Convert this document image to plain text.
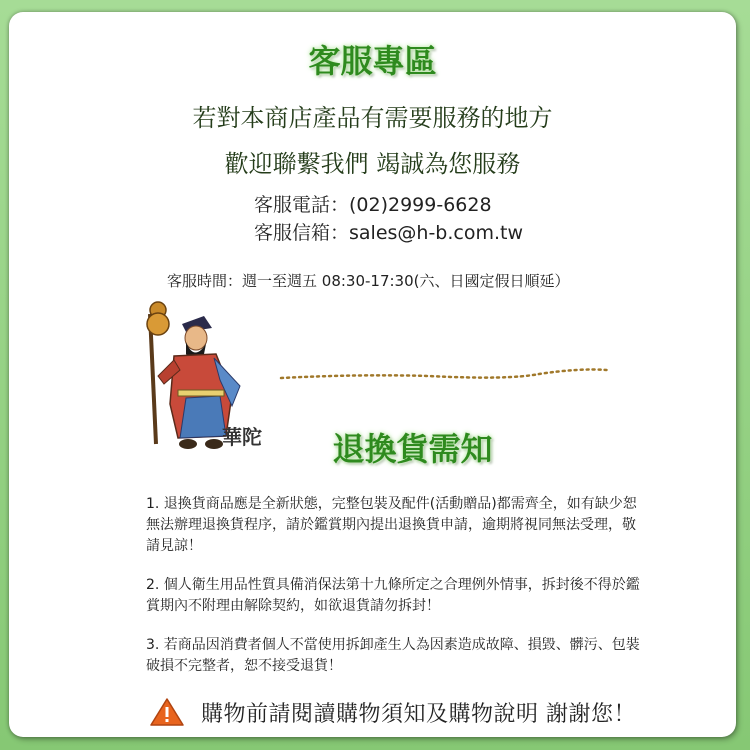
客服專區
若對本商店產品有需要服務的地方
歡迎聯繫我們 竭誠為您服務
客服電話：(02)2999-6628
客服信箱：sales@h-b.com.tw
客服時間：週一至週五 08:30-17:30(六、日國定假日順延）
華陀	退換貨需知
1. 退換貨商品應是全新狀態，完整包裝及配件(活動贈品)都需齊全，如有缺少恕無法辦理退換貨程序，請於鑑賞期內提出退換貨申請，逾期將視同無法受理，敬請見諒！
2. 個人衛生用品性質具備消保法第十九條所定之合理例外情事，拆封後不得於鑑賞期內不附理由解除契約，如欲退貨請勿拆封！
3. 若商品因消費者個人不當使用拆卸產生人為因素造成故障、損毀、髒污、包裝破損不完整者，恕不接受退貨！
購物前請閱讀購物須知及購物說明 謝謝您！
